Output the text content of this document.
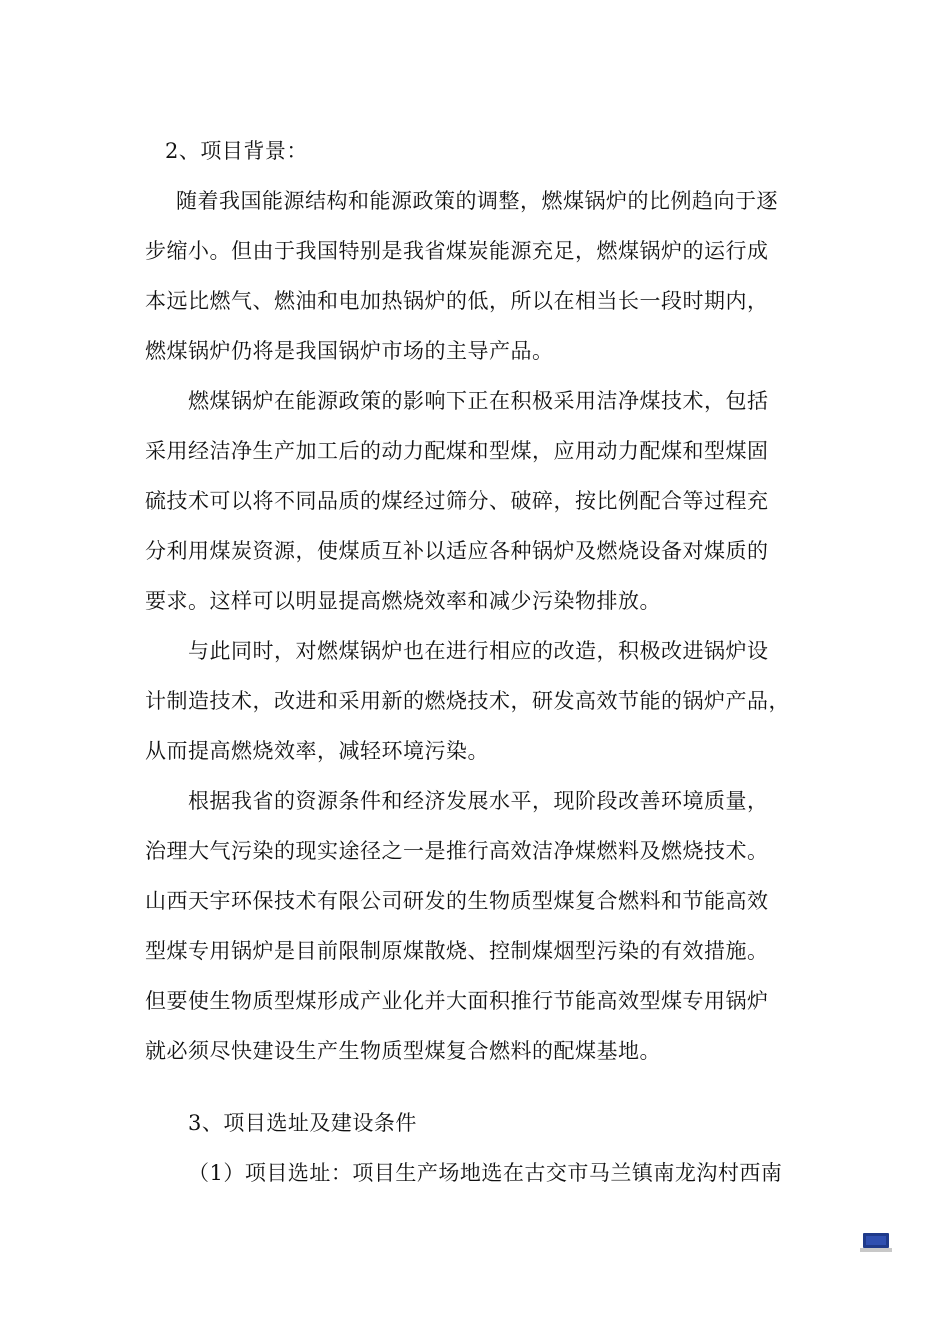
2、项目背景：
随着我国能源结构和能源政策的调整，燃煤锅炉的比例趋向于逐
步缩小。但由于我国特别是我省煤炭能源充足，燃煤锅炉的运行成
本远比燃气、燃油和电加热锅炉的低，所以在相当长一段时期内，
燃煤锅炉仍将是我国锅炉市场的主导产品。
燃煤锅炉在能源政策的影响下正在积极采用洁净煤技术，包括
采用经洁净生产加工后的动力配煤和型煤，应用动力配煤和型煤固
硫技术可以将不同品质的煤经过筛分、破碎，按比例配合等过程充
分利用煤炭资源，使煤质互补以适应各种锅炉及燃烧设备对煤质的
要求。这样可以明显提高燃烧效率和减少污染物排放。
与此同时，对燃煤锅炉也在进行相应的改造，积极改进锅炉设
计制造技术，改进和采用新的燃烧技术，研发高效节能的锅炉产品，
从而提高燃烧效率，减轻环境污染。
根据我省的资源条件和经济发展水平，现阶段改善环境质量，
治理大气污染的现实途径之一是推行高效洁净煤燃料及燃烧技术。
山西天宇环保技术有限公司研发的生物质型煤复合燃料和节能高效
型煤专用锅炉是目前限制原煤散烧、控制煤烟型污染的有效措施。
但要使生物质型煤形成产业化并大面积推行节能高效型煤专用锅炉
就必须尽快建设生产生物质型煤复合燃料的配煤基地。
3、项目选址及建设条件
（1）项目选址：项目生产场地选在古交市马兰镇南龙沟村西南
